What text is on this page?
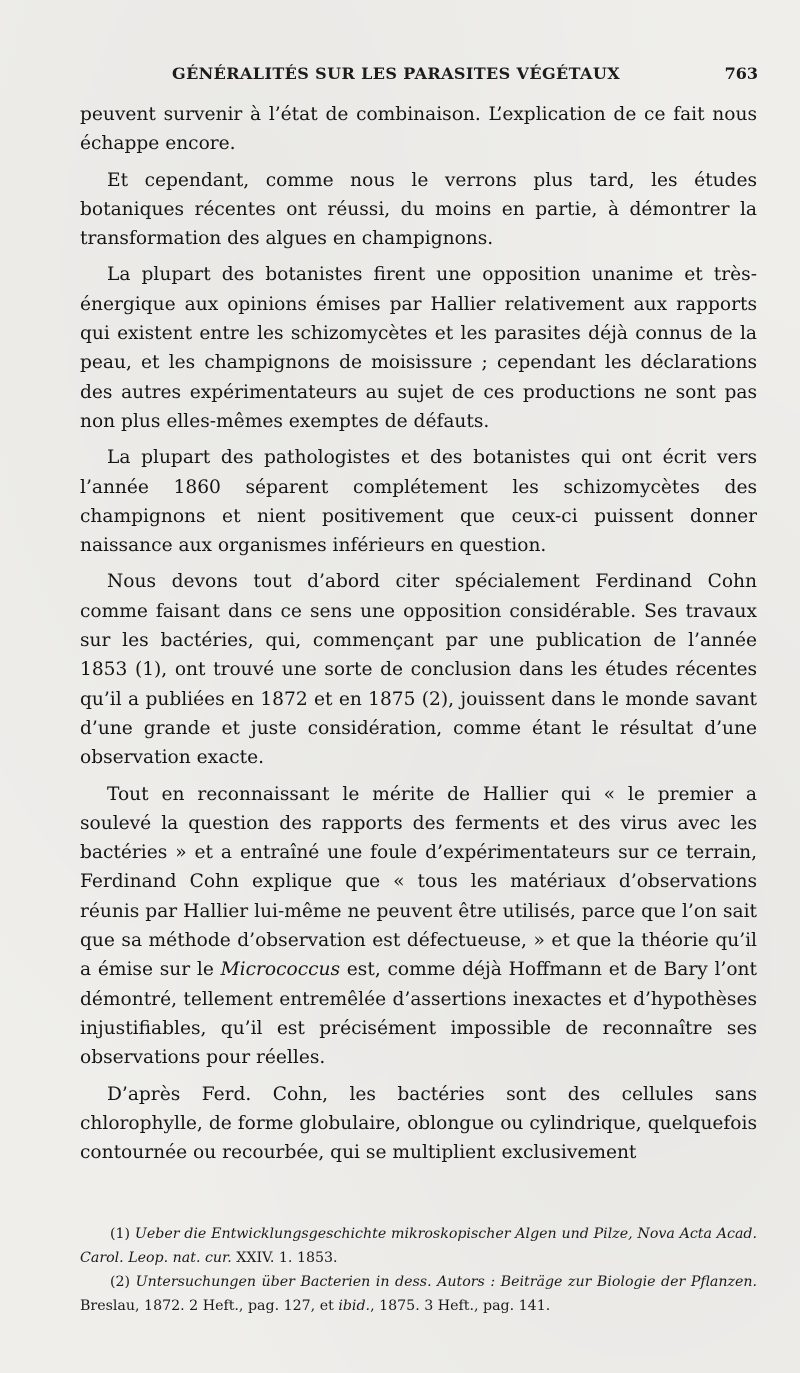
GÉNÉRALITÉS SUR LES PARASITES VÉGÉTAUX	763

peuvent survenir à l’état de combinaison. L’explication de ce fait nous échappe encore.

Et cependant, comme nous le verrons plus tard, les études botaniques récentes ont réussi, du moins en partie, à démontrer la transformation des algues en champignons.

La plupart des botanistes firent une opposition unanime et très-énergique aux opinions émises par Hallier relativement aux rapports qui existent entre les schizomycètes et les parasites déjà connus de la peau, et les champignons de moisissure ; cependant les déclarations des autres expérimentateurs au sujet de ces productions ne sont pas non plus elles-mêmes exemptes de défauts.

La plupart des pathologistes et des botanistes qui ont écrit vers l’année 1860 séparent complétement les schizomycètes des champignons et nient positivement que ceux-ci puissent donner naissance aux organismes inférieurs en question.

Nous devons tout d’abord citer spécialement Ferdinand Cohn comme faisant dans ce sens une opposition considérable. Ses travaux sur les bactéries, qui, commençant par une publication de l’année 1853 (1), ont trouvé une sorte de conclusion dans les études récentes qu’il a publiées en 1872 et en 1875 (2), jouissent dans le monde savant d’une grande et juste considération, comme étant le résultat d’une observation exacte.

Tout en reconnaissant le mérite de Hallier qui « le premier a soulevé la question des rapports des ferments et des virus avec les bactéries » et a entraîné une foule d’expérimentateurs sur ce terrain, Ferdinand Cohn explique que « tous les matériaux d’observations réunis par Hallier lui-même ne peuvent être utilisés, parce que l’on sait que sa méthode d’observation est défectueuse, » et que la théorie qu’il a émise sur le Micrococcus est, comme déjà Hoffmann et de Bary l’ont démontré, tellement entremêlée d’assertions inexactes et d’hypothèses injustifiables, qu’il est précisément impossible de reconnaître ses observations pour réelles.

D’après Ferd. Cohn, les bactéries sont des cellules sans chlorophylle, de forme globulaire, oblongue ou cylindrique, quelquefois contournée ou recourbée, qui se multiplient exclusivement

(1) Ueber die Entwicklungsgeschichte mikroskopischer Algen und Pilze, Nova Acta Acad. Carol. Leop. nat. cur. XXIV. 1. 1853.

(2) Untersuchungen über Bacterien in dess. Autors : Beiträge zur Biologie der Pflanzen. Breslau, 1872. 2 Heft., pag. 127, et ibid., 1875. 3 Heft., pag. 141.
